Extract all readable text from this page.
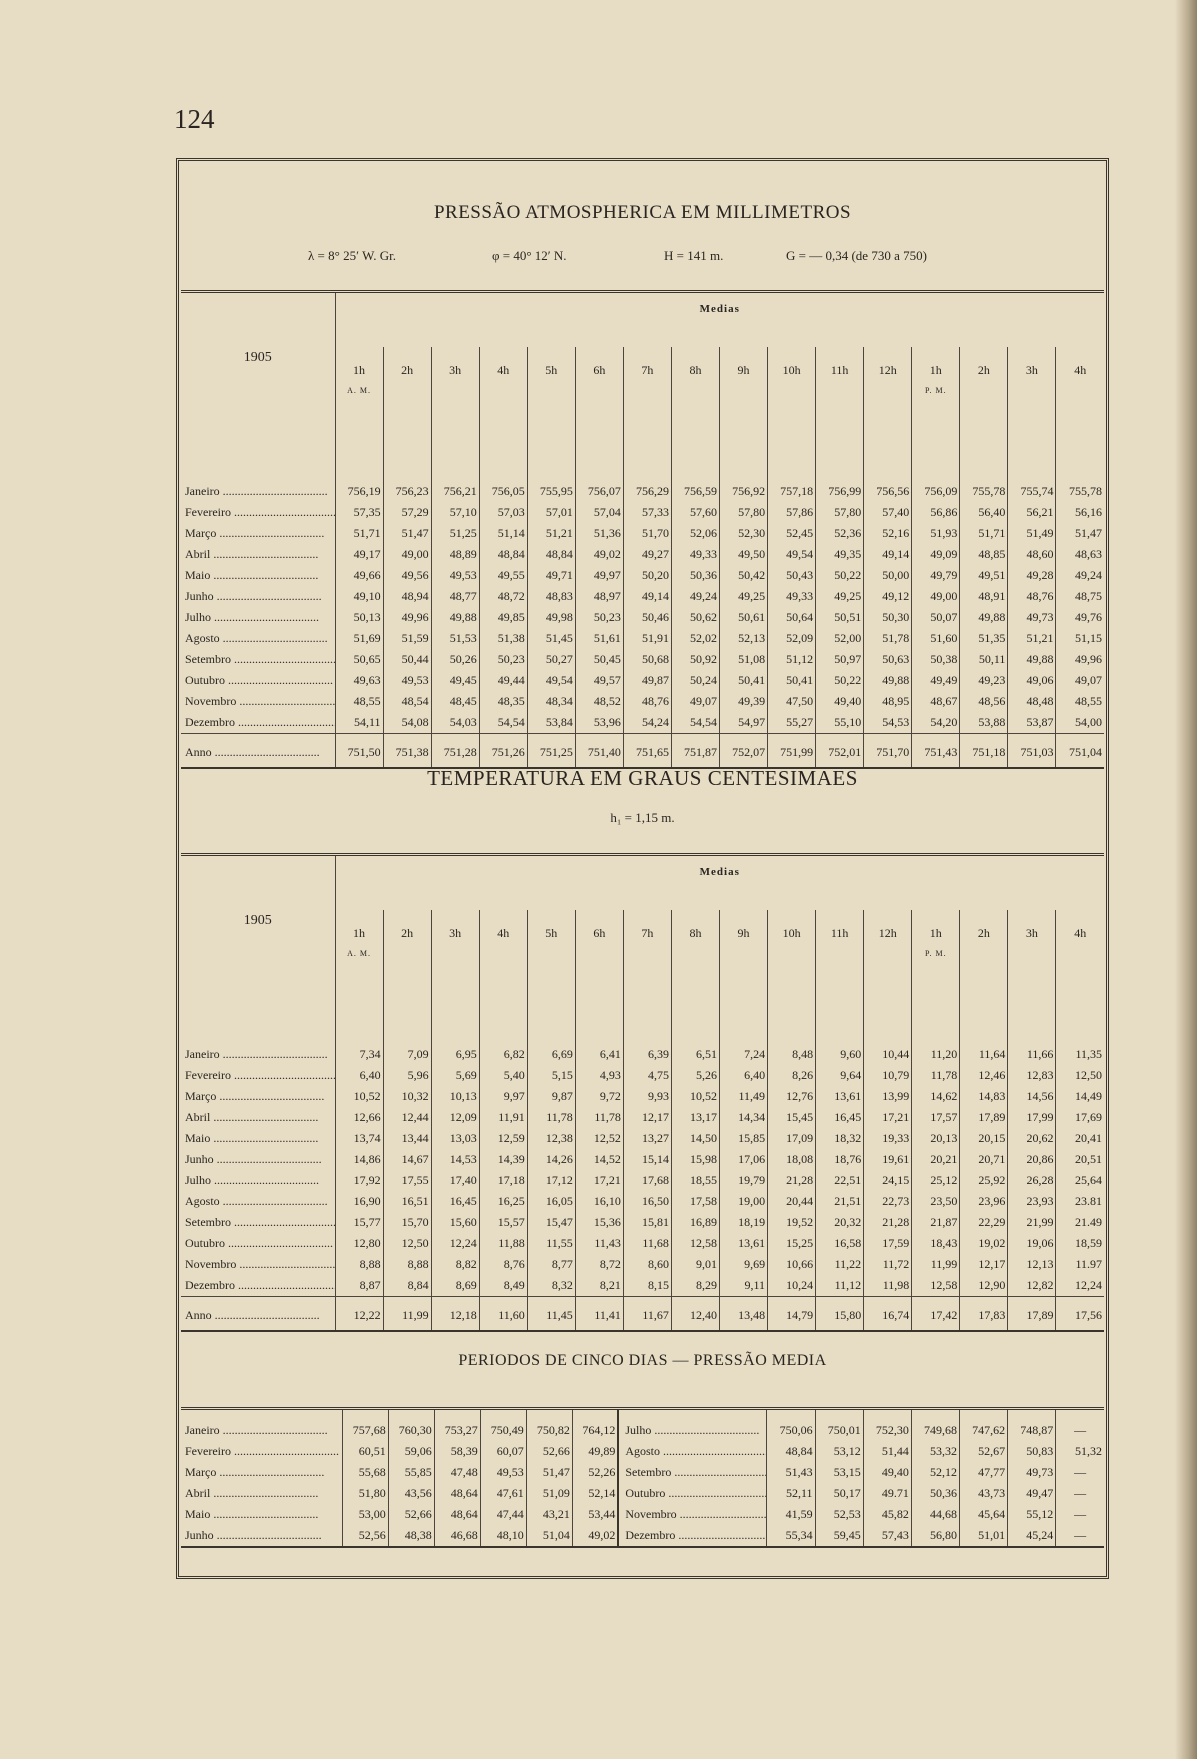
124
PRESSÃO ATMOSPHERICA EM MILLIMETROS
λ = 8° 25′ W. Gr.	φ = 40° 12′ N.	H = 141 m.	G = — 0,34 (de 730 a 750)
1905	Medias															
	1h
A. M.	2h	3h	4h	5h	6h	7h	8h	9h	10h	11h	12h	1h
P. M.	2h	3h	4h
Janeiro .....	756,19	756,23	756,21	756,05	755,95	756,07	756,29	756,59	756,92	757,18	756,99	756,56	756,09	755,78	755,74	755,78
Fevereiro .....	57,35	57,29	57,10	57,03	57,01	57,04	57,33	57,60	57,80	57,86	57,80	57,40	56,86	56,40	56,21	56,16
Março .....	51,71	51,47	51,25	51,14	51,21	51,36	51,70	52,06	52,30	52,45	52,36	52,16	51,93	51,71	51,49	51,47
Abril .....	49,17	49,00	48,89	48,84	48,84	49,02	49,27	49,33	49,50	49,54	49,35	49,14	49,09	48,85	48,60	48,63
Maio .....	49,66	49,56	49,53	49,55	49,71	49,97	50,20	50,36	50,42	50,43	50,22	50,00	49,79	49,51	49,28	49,24
Junho .....	49,10	48,94	48,77	48,72	48,83	48,97	49,14	49,24	49,25	49,33	49,25	49,12	49,00	48,91	48,76	48,75
Julho .....	50,13	49,96	49,88	49,85	49,98	50,23	50,46	50,62	50,61	50,64	50,51	50,30	50,07	49,88	49,73	49,76
Agosto .....	51,69	51,59	51,53	51,38	51,45	51,61	51,91	52,02	52,13	52,09	52,00	51,78	51,60	51,35	51,21	51,15
Setembro .....	50,65	50,44	50,26	50,23	50,27	50,45	50,68	50,92	51,08	51,12	50,97	50,63	50,38	50,11	49,88	49,96
Outubro .....	49,63	49,53	49,45	49,44	49,54	49,57	49,87	50,24	50,41	50,41	50,22	49,88	49,49	49,23	49,06	49,07
Novembro .....	48,55	48,54	48,45	48,35	48,34	48,52	48,76	49,07	49,39	47,50	49,40	48,95	48,67	48,56	48,48	48,55
Dezembro .....	54,11	54,08	54,03	54,54	53,84	53,96	54,24	54,54	54,97	55,27	55,10	54,53	54,20	53,88	53,87	54,00
Anno .....	751,50	751,38	751,28	751,26	751,25	751,40	751,65	751,87	752,07	751,99	752,01	751,70	751,43	751,18	751,03	751,04
TEMPERATURA EM GRAUS CENTESIMAES
h₁ = 1,15 m.
1905	Medias															
	1h
A. M.	2h	3h	4h	5h	6h	7h	8h	9h	10h	11h	12h	1h
P. M.	2h	3h	4h
Janeiro .....	7,34	7,09	6,95	6,82	6,69	6,41	6,39	6,51	7,24	8,48	9,60	10,44	11,20	11,64	11,66	11,35
Fevereiro .....	6,40	5,96	5,69	5,40	5,15	4,93	4,75	5,26	6,40	8,26	9,64	10,79	11,78	12,46	12,83	12,50
Março .....	10,52	10,32	10,13	9,97	9,87	9,72	9,93	10,52	11,49	12,76	13,61	13,99	14,62	14,83	14,56	14,49
Abril .....	12,66	12,44	12,09	11,91	11,78	11,78	12,17	13,17	14,34	15,45	16,45	17,21	17,57	17,89	17,99	17,69
Maio .....	13,74	13,44	13,03	12,59	12,38	12,52	13,27	14,50	15,85	17,09	18,32	19,33	20,13	20,15	20,62	20,41
Junho .....	14,86	14,67	14,53	14,39	14,26	14,52	15,14	15,98	17,06	18,08	18,76	19,61	20,21	20,71	20,86	20,51
Julho .....	17,92	17,55	17,40	17,18	17,12	17,21	17,68	18,55	19,79	21,28	22,51	24,15	25,12	25,92	26,28	25,64
Agosto .....	16,90	16,51	16,45	16,25	16,05	16,10	16,50	17,58	19,00	20,44	21,51	22,73	23,50	23,96	23,93	23.81
Setembro .....	15,77	15,70	15,60	15,57	15,47	15,36	15,81	16,89	18,19	19,52	20,32	21,28	21,87	22,29	21,99	21.49
Outubro .....	12,80	12,50	12,24	11,88	11,55	11,43	11,68	12,58	13,61	15,25	16,58	17,59	18,43	19,02	19,06	18,59
Novembro .....	8,88	8,88	8,82	8,76	8,77	8,72	8,60	9,01	9,69	10,66	11,22	11,72	11,99	12,17	12,13	11.97
Dezembro .....	8,87	8,84	8,69	8,49	8,32	8,21	8,15	8,29	9,11	10,24	11,12	11,98	12,58	12,90	12,82	12,24
Anno .....	12,22	11,99	12,18	11,60	11,45	11,41	11,67	12,40	13,48	14,79	15,80	16,74	17,42	17,83	17,89	17,56
PERIODOS DE CINCO DIAS — PRESSÃO MEDIA
Janeiro .....	757,68	760,30	753,27	750,49	750,82	764,12	Julho .....	750,06	750,01	752,30	749,68	747,62	748,87	—
Fevereiro .....	60,51	59,06	58,39	60,07	52,66	49,89	Agosto .....	48,84	53,12	51,44	53,32	52,67	50,83	51,32
Março .....	55,68	55,85	47,48	49,53	51,47	52,26	Setembro .....	51,43	53,15	49,40	52,12	47,77	49,73	—
Abril .....	51,80	43,56	48,64	47,61	51,09	52,14	Outubro .....	52,11	50,17	49.71	50,36	43,73	49,47	—
Maio .....	53,00	52,66	48,64	47,44	43,21	53,44	Novembro .....	41,59	52,53	45,82	44,68	45,64	55,12	—
Junho .....	52,56	48,38	46,68	48,10	51,04	49,02	Dezembro .....	55,34	59,45	57,43	56,80	51,01	45,24	—
